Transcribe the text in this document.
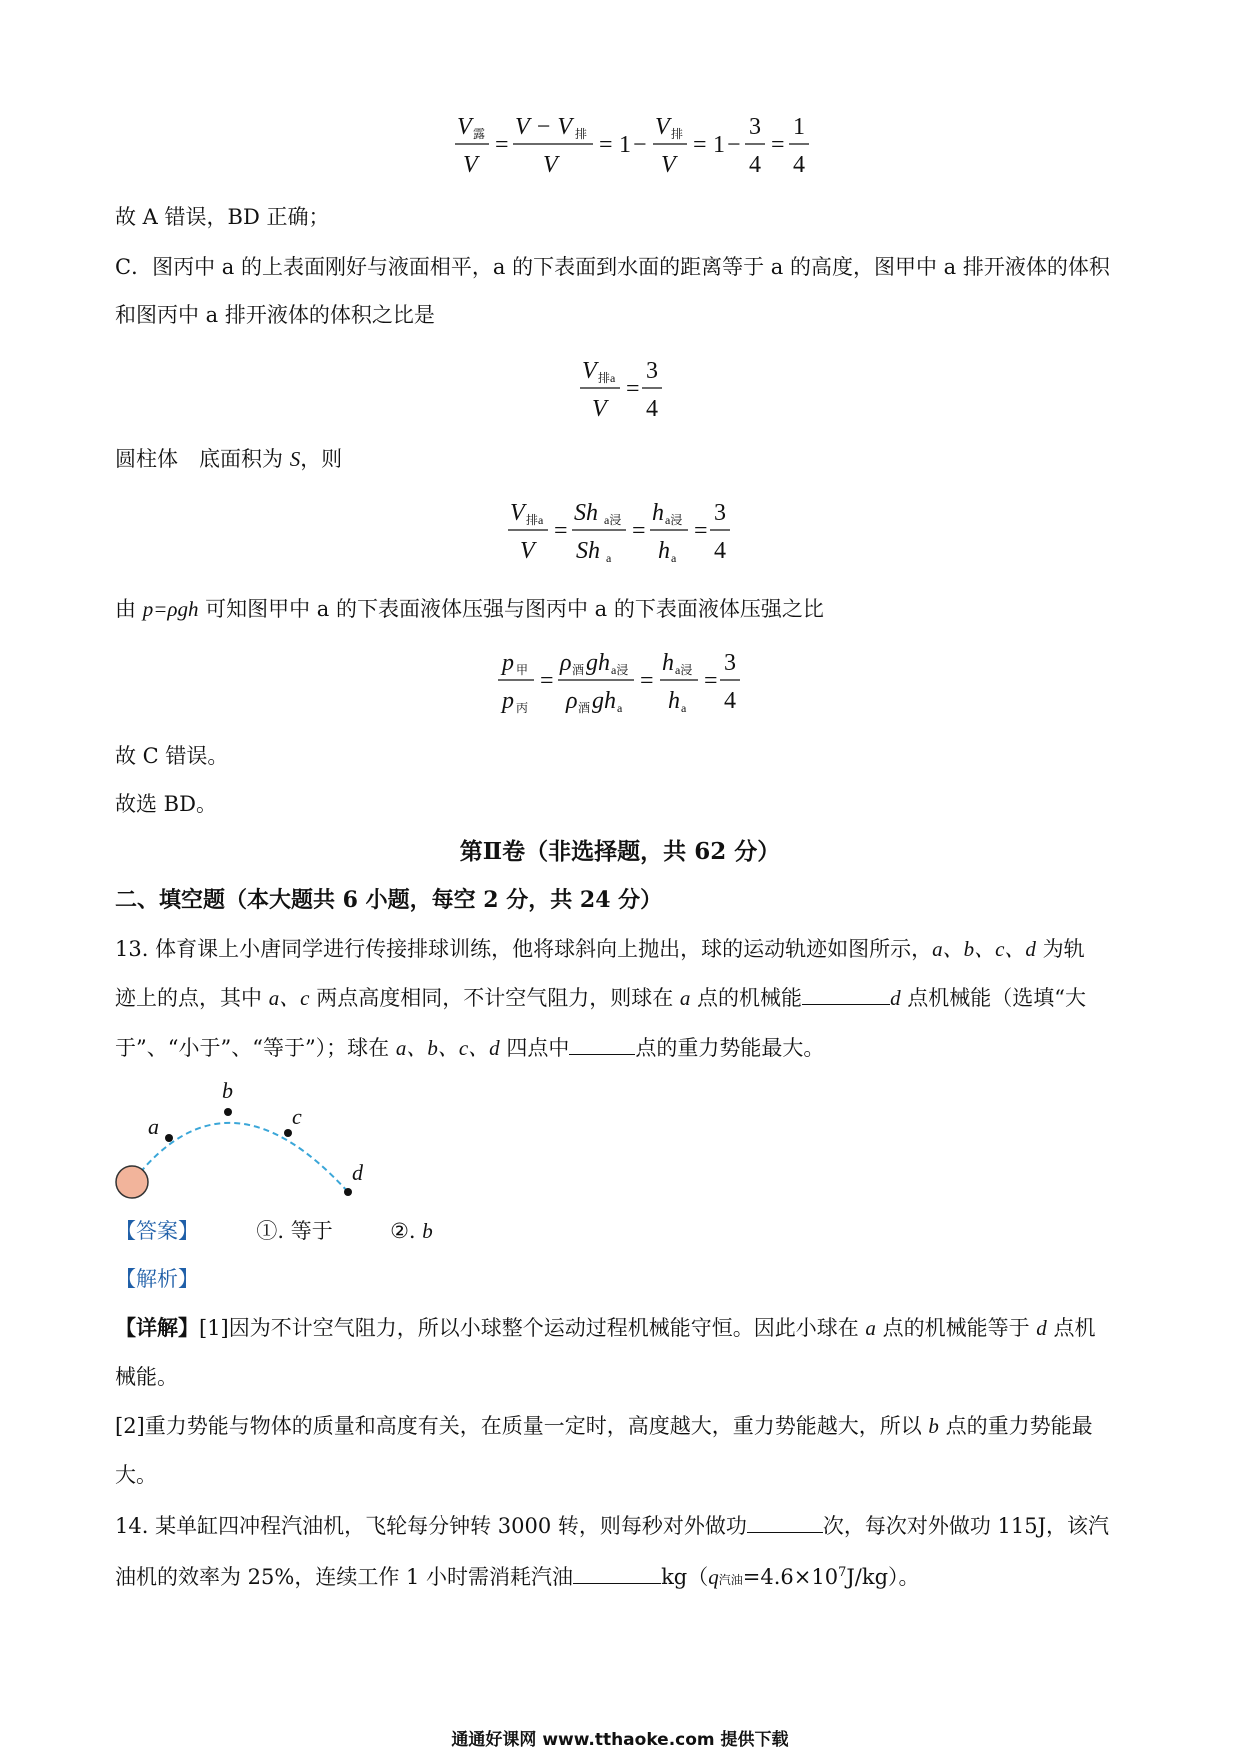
V 露
V
=
V − V 排
V
= 1 −
V 排
V
= 1 −
3
4
=
1
4
故 A 错误，BD 正确；
C．图丙中 a 的上表面刚好与液面相平，a 的下表面到水面的距离等于 a 的高度，图甲中 a 排开液体的体积
和图丙中 a 排开液体的体积之比是
V 排a
V
=
3
4
圆柱体　底面积为 S，则
V 排a
V
=
Sh a浸
Sh a
=
h a浸
h a
=
3
4
由 p=ρgh 可知图甲中 a 的下表面液体压强与图丙中 a 的下表面液体压强之比
p 甲
p 丙
=
ρ 酒 g h a浸
ρ 酒 g h a
=
h a浸
h a
=
3
4
故 C 错误。
故选 BD。
第Ⅱ卷（非选择题，共 62 分）
二、填空题（本大题共 6 小题，每空 2 分，共 24 分）
13. 体育课上小唐同学进行传接排球训练，他将球斜向上抛出，球的运动轨迹如图所示，a、b、c、d 为轨
迹上的点，其中 a、c 两点高度相同，不计空气阻力，则球在 a 点的机械能	d 点机械能（选填“大
于”、“小于”、“等于”）；球在 a、b、c、d 四点中	点的重力势能最大。
a
b
c
d
【答案】	①. 等于	②. b
【解析】
【详解】[1]因为不计空气阻力，所以小球整个运动过程机械能守恒。因此小球在 a 点的机械能等于 d 点机
械能。
[2]重力势能与物体的质量和高度有关，在质量一定时，高度越大，重力势能越大，所以 b 点的重力势能最
大。
14. 某单缸四冲程汽油机，飞轮每分钟转 3000 转，则每秒对外做功	次，每次对外做功 115J，该汽
油机的效率为 25%，连续工作 1 小时需消耗汽油	kg（q汽油$=4.6\times 10^7J/kg$）。
通通好课网 www.tthaoke.com 提供下载
